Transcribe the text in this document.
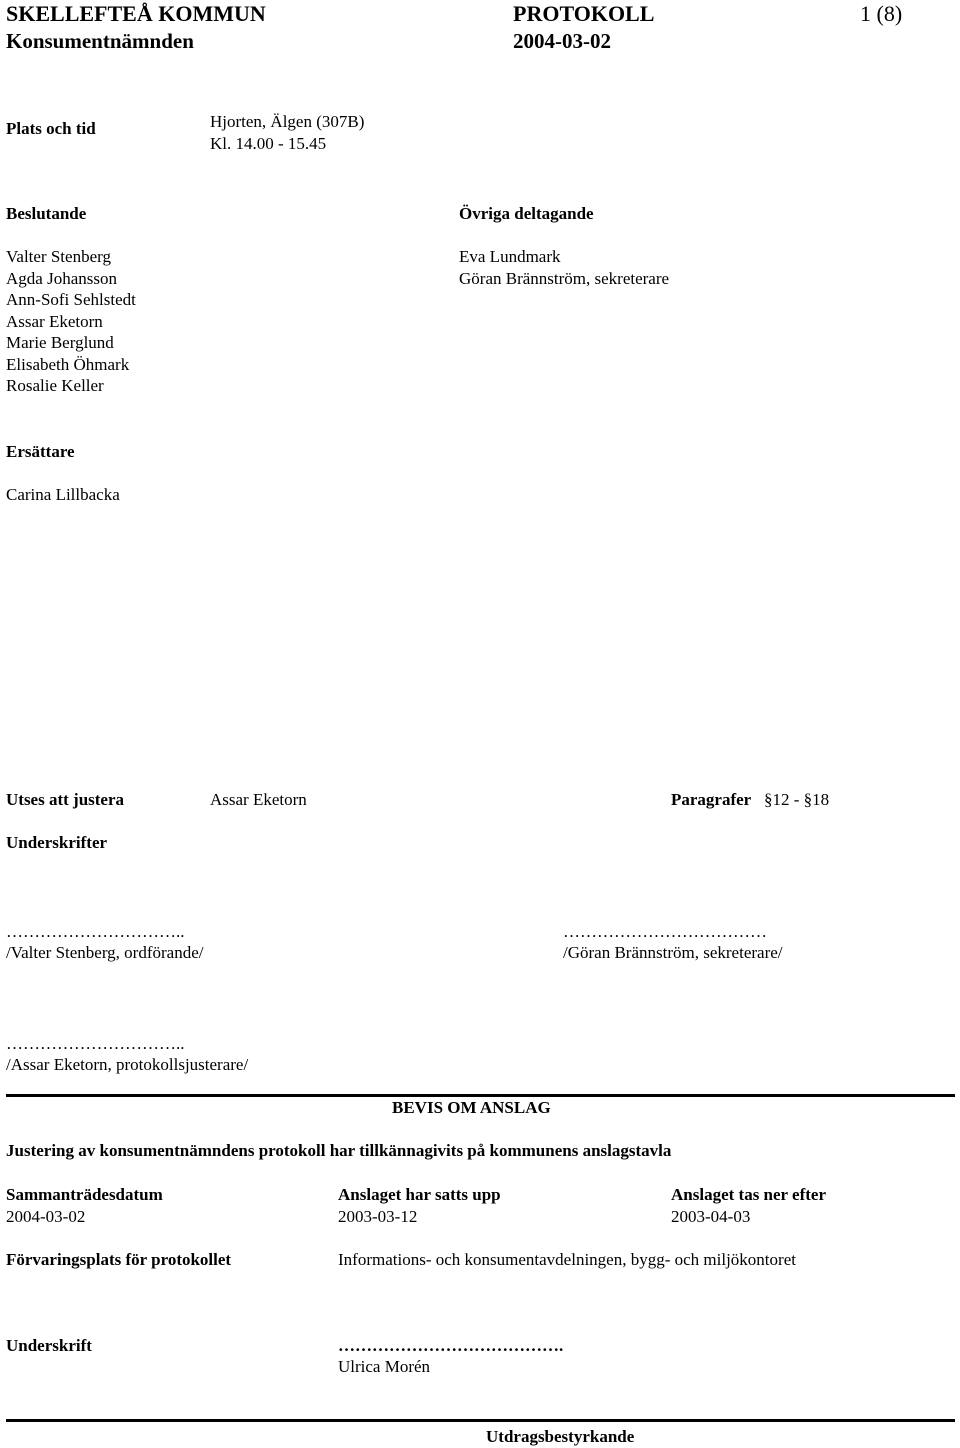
SKELLEFTEÅ KOMMUN	PROTOKOLL	1 (8)
Konsumentnämnden	2004-03-02
Plats och tid	Hjorten, Älgen (307B)
Kl. 14.00 - 15.45
Beslutande
Valter Stenberg
Agda Johansson
Ann-Sofi Sehlstedt
Assar Eketorn
Marie Berglund
Elisabeth Öhmark
Rosalie Keller
Övriga deltagande
Eva Lundmark
Göran Brännström, sekreterare
Ersättare
Carina Lillbacka
Utses att justera	Assar Eketorn	Paragrafer §12 - §18
Underskrifter
…………………………..
/Valter Stenberg, ordförande/
………………………………
/Göran Brännström, sekreterare/
…………………………..
/Assar Eketorn, protokollsjusterare/
BEVIS OM ANSLAG
Justering av konsumentnämndens protokoll har tillkännagivits på kommunens anslagstavla
Sammanträdesdatum
2004-03-02
Anslaget har satts upp
2003-03-12
Anslaget tas ner efter
2003-04-03
Förvaringsplats för protokollet	Informations- och konsumentavdelningen, bygg- och miljökontoret
Underskrift	………………………………….
Ulrica Morén
Utdragsbestyrkande
